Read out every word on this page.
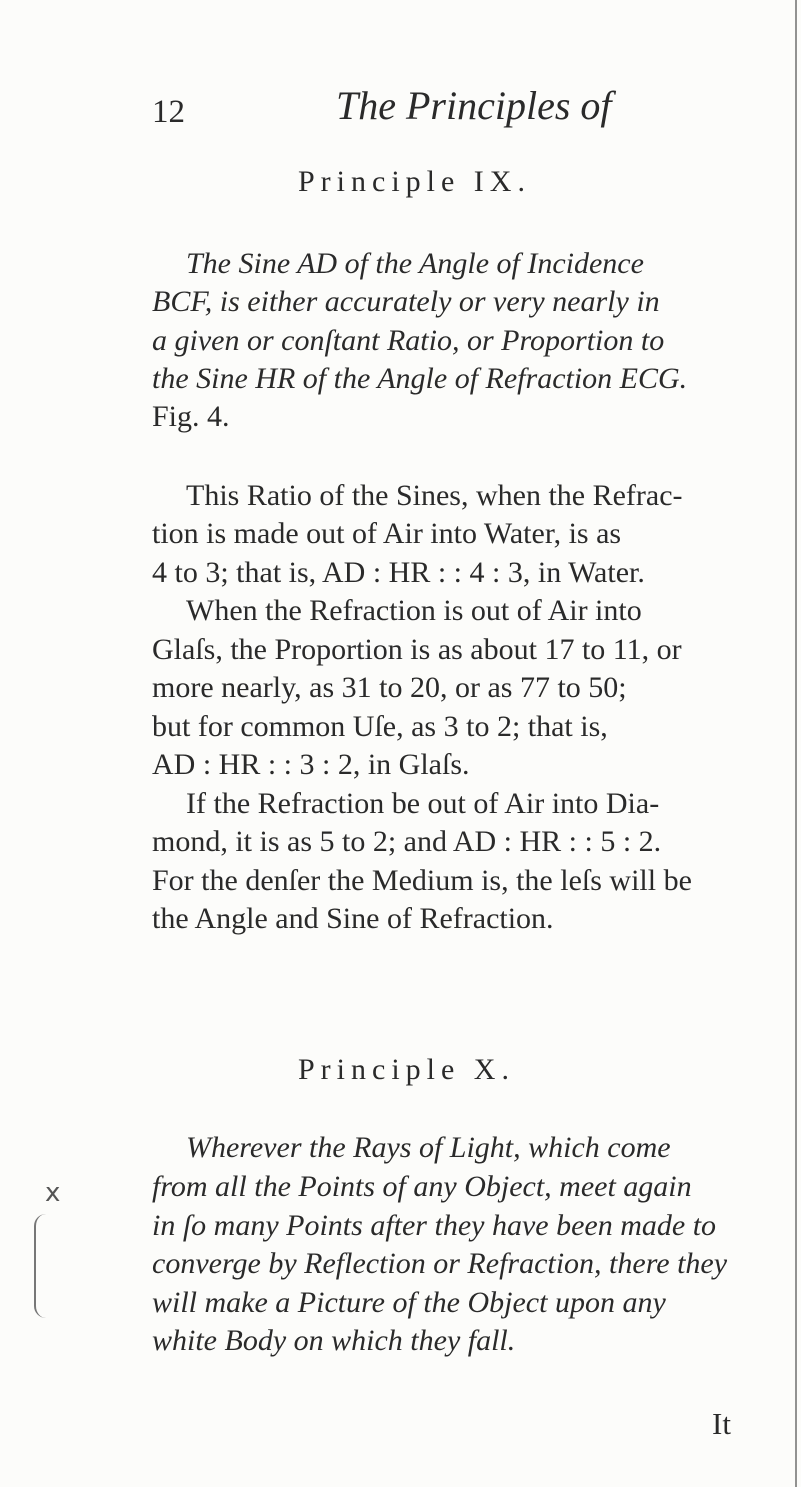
12	The Principles of
Principle IX.
The Sine AD of the Angle of Incidence
BCF, is either accurately or very nearly in
a given or conſtant Ratio, or Proportion to
the Sine HR of the Angle of Refraction ECG.
Fig. 4.
This Ratio of the Sines, when the Refrac-
tion is made out of Air into Water, is as
4 to 3; that is, AD : HR : : 4 : 3, in Water.
When the Refraction is out of Air into
Glaſs, the Proportion is as about 17 to 11, or
more nearly, as 31 to 20, or as 77 to 50;
but for common Uſe, as 3 to 2; that is,
AD : HR : : 3 : 2, in Glaſs.
If the Refraction be out of Air into Dia-
mond, it is as 5 to 2; and AD : HR : : 5 : 2.
For the denſer the Medium is, the leſs will be
the Angle and Sine of Refraction.
Principle X.
Wherever the Rays of Light, which come
from all the Points of any Object, meet again
in ſo many Points after they have been made to
converge by Reflection or Refraction, there they
will make a Picture of the Object upon any
white Body on which they fall.
It
x
